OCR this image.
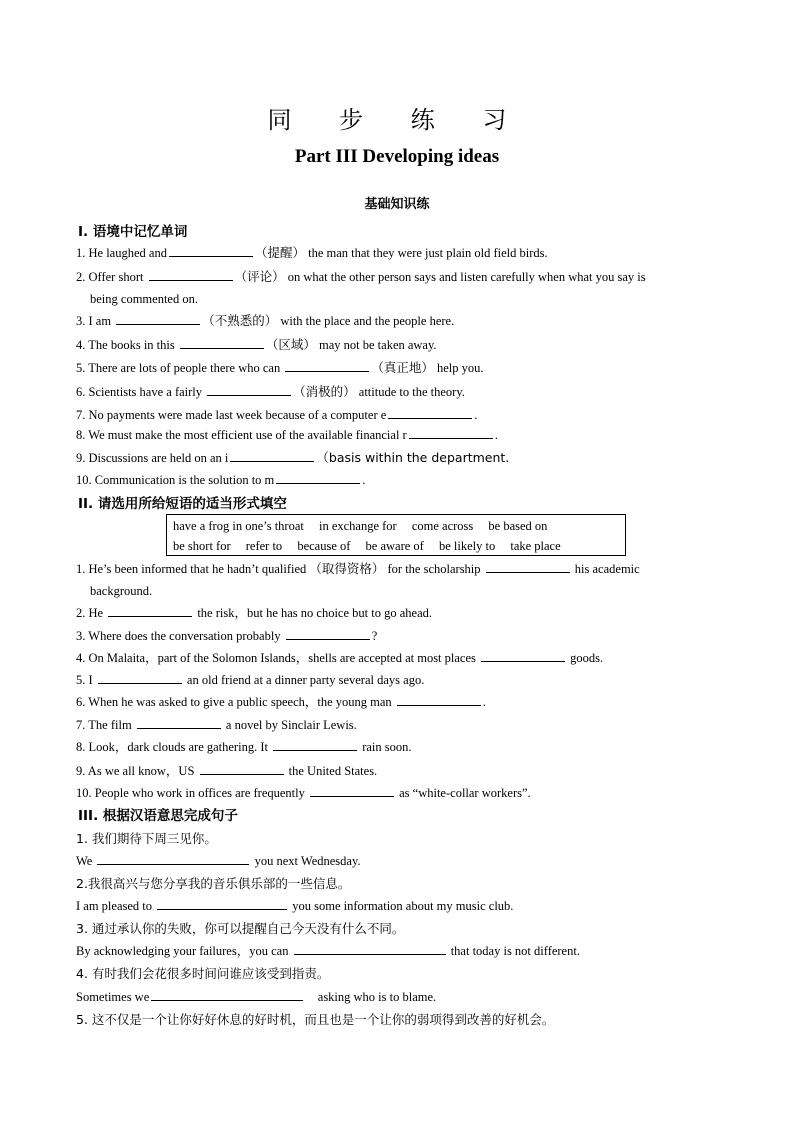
同 步 练 习
Part III Developing ideas
基础知识练
I. 语境中记忆单词
1. He laughed and	（提醒） the man that they were just plain old field birds.
2. Offer short	（评论） on what the other person says and listen carefully when what you say is
being commented on.
3. I am	（不熟悉的） with the place and the people here.
4. The books in this	（区域） may not be taken away.
5. There are lots of people there who can	（真正地） help you.
6. Scientists have a fairly	（消极的） attitude to the theory.
7. No payments were made last week because of a computer e	.
8. We must make the most efficient use of the available financial r	.
9. Discussions are held on an i	（basis within the department.
10. Communication is the solution to m	.
II. 请选用所给短语的适当形式填空
have a frog in one’s throat in exchange for come across be based on
be short for refer to because of be aware of be likely to take place
1. He’s been informed that he hadn’t qualified （取得资格） for the scholarship	his academic
background.
2. He	the risk，but he has no choice but to go ahead.
3. Where does the conversation probably	?
4. On Malaita，part of the Solomon Islands，shells are accepted at most places	goods.
5. I	an old friend at a dinner party several days ago.
6. When he was asked to give a public speech，the young man	.
7. The film	a novel by Sinclair Lewis.
8. Look，dark clouds are gathering. It	rain soon.
9. As we all know，US	the United States.
10. People who work in offices are frequently	as “white-collar workers”.
III. 根据汉语意思完成句子
1. 我们期待下周三见你。
We	you next Wednesday.
2.我很高兴与您分享我的音乐俱乐部的一些信息。
I am pleased to	you some information about my music club.
3. 通过承认你的失败，你可以提醒自己今天没有什么不同。
By acknowledging your failures，you can	that today is not different.
4. 有时我们会花很多时间问谁应该受到指责。
Sometimes we	asking who is to blame.
5. 这不仅是一个让你好好休息的好时机，而且也是一个让你的弱项得到改善的好机会。
